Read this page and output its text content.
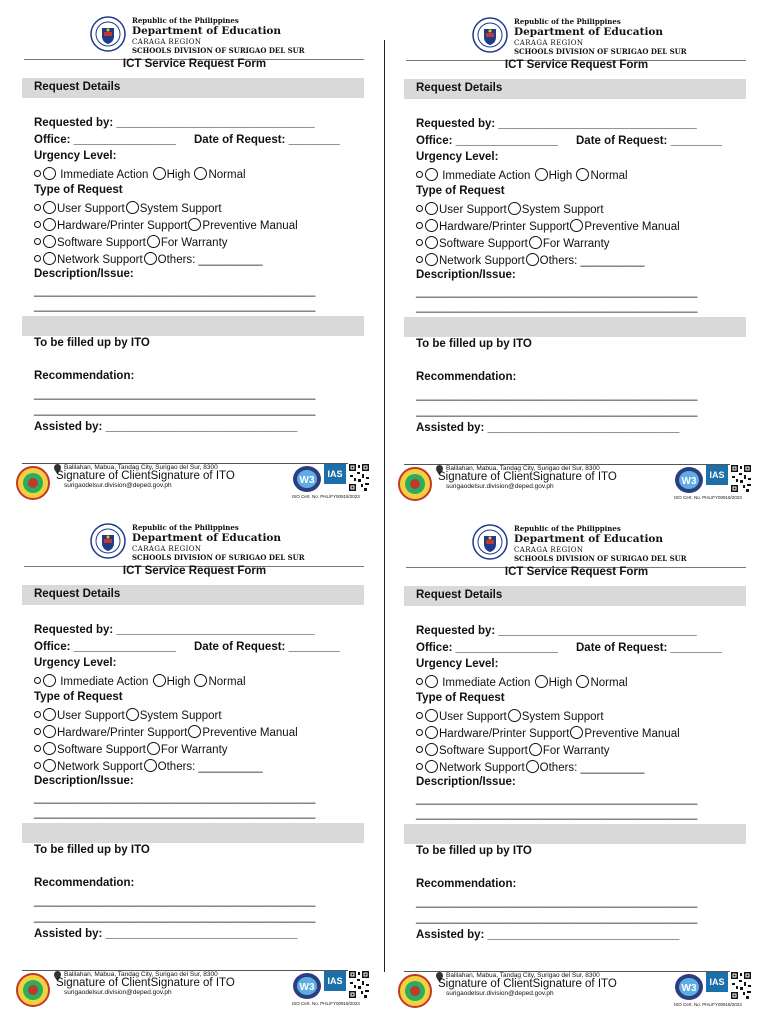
Republic of the Philippines
Department of Education
CARAGA REGION
SCHOOLS DIVISION OF SURIGAO DEL SUR
ICT Service Request Form
Request Details
Requested by: _______________________________
Office: ________________ Date of Request: ________
Urgency Level:
Immediate Action High Normal
Type of Request
User Support System Support
Hardware/Printer Support Preventive Manual
Software Support For Warranty
Network Support Others: __________
Description/Issue:
____________________________________________
____________________________________________
To be filled up by ITO
Recommendation:
____________________________________________
____________________________________________
Assisted by: ______________________________
Balilahan, Mabua, Tandag City, Surigao del Sur, 8300
surigaodelsur.division@deped.gov.ph
Signature of ClientSignature of ITO	W3
IAS
ISO Cert. No. PHL/FY00918/2023
Republic of the Philippines
Department of Education
CARAGA REGION
SCHOOLS DIVISION OF SURIGAO DEL SUR
ICT Service Request Form
Request Details
Requested by: _______________________________
Office: ________________ Date of Request: ________
Urgency Level:
Immediate Action High Normal
Type of Request
User Support System Support
Hardware/Printer Support Preventive Manual
Software Support For Warranty
Network Support Others: __________
Description/Issue:
____________________________________________
____________________________________________
To be filled up by ITO
Recommendation:
____________________________________________
____________________________________________
Assisted by: ______________________________
Balilahan, Mabua, Tandag City, Surigao del Sur, 8300
surigaodelsur.division@deped.gov.ph
Signature of ClientSignature of ITO	W3
IAS
ISO Cert. No. PHL/FY00918/2023
Republic of the Philippines
Department of Education
CARAGA REGION
SCHOOLS DIVISION OF SURIGAO DEL SUR
ICT Service Request Form
Request Details
Requested by: _______________________________
Office: ________________ Date of Request: ________
Urgency Level:
Immediate Action High Normal
Type of Request
User Support System Support
Hardware/Printer Support Preventive Manual
Software Support For Warranty
Network Support Others: __________
Description/Issue:
____________________________________________
____________________________________________
To be filled up by ITO
Recommendation:
____________________________________________
____________________________________________
Assisted by: ______________________________
Balilahan, Mabua, Tandag City, Surigao del Sur, 8300
surigaodelsur.division@deped.gov.ph
Signature of ClientSignature of ITO	W3
IAS
ISO Cert. No. PHL/FY00918/2023
Republic of the Philippines
Department of Education
CARAGA REGION
SCHOOLS DIVISION OF SURIGAO DEL SUR
ICT Service Request Form
Request Details
Requested by: _______________________________
Office: ________________ Date of Request: ________
Urgency Level:
Immediate Action High Normal
Type of Request
User Support System Support
Hardware/Printer Support Preventive Manual
Software Support For Warranty
Network Support Others: __________
Description/Issue:
____________________________________________
____________________________________________
To be filled up by ITO
Recommendation:
____________________________________________
____________________________________________
Assisted by: ______________________________
Balilahan, Mabua, Tandag City, Surigao del Sur, 8300
surigaodelsur.division@deped.gov.ph
Signature of ClientSignature of ITO	W3
IAS
ISO Cert. No. PHL/FY00918/2023
